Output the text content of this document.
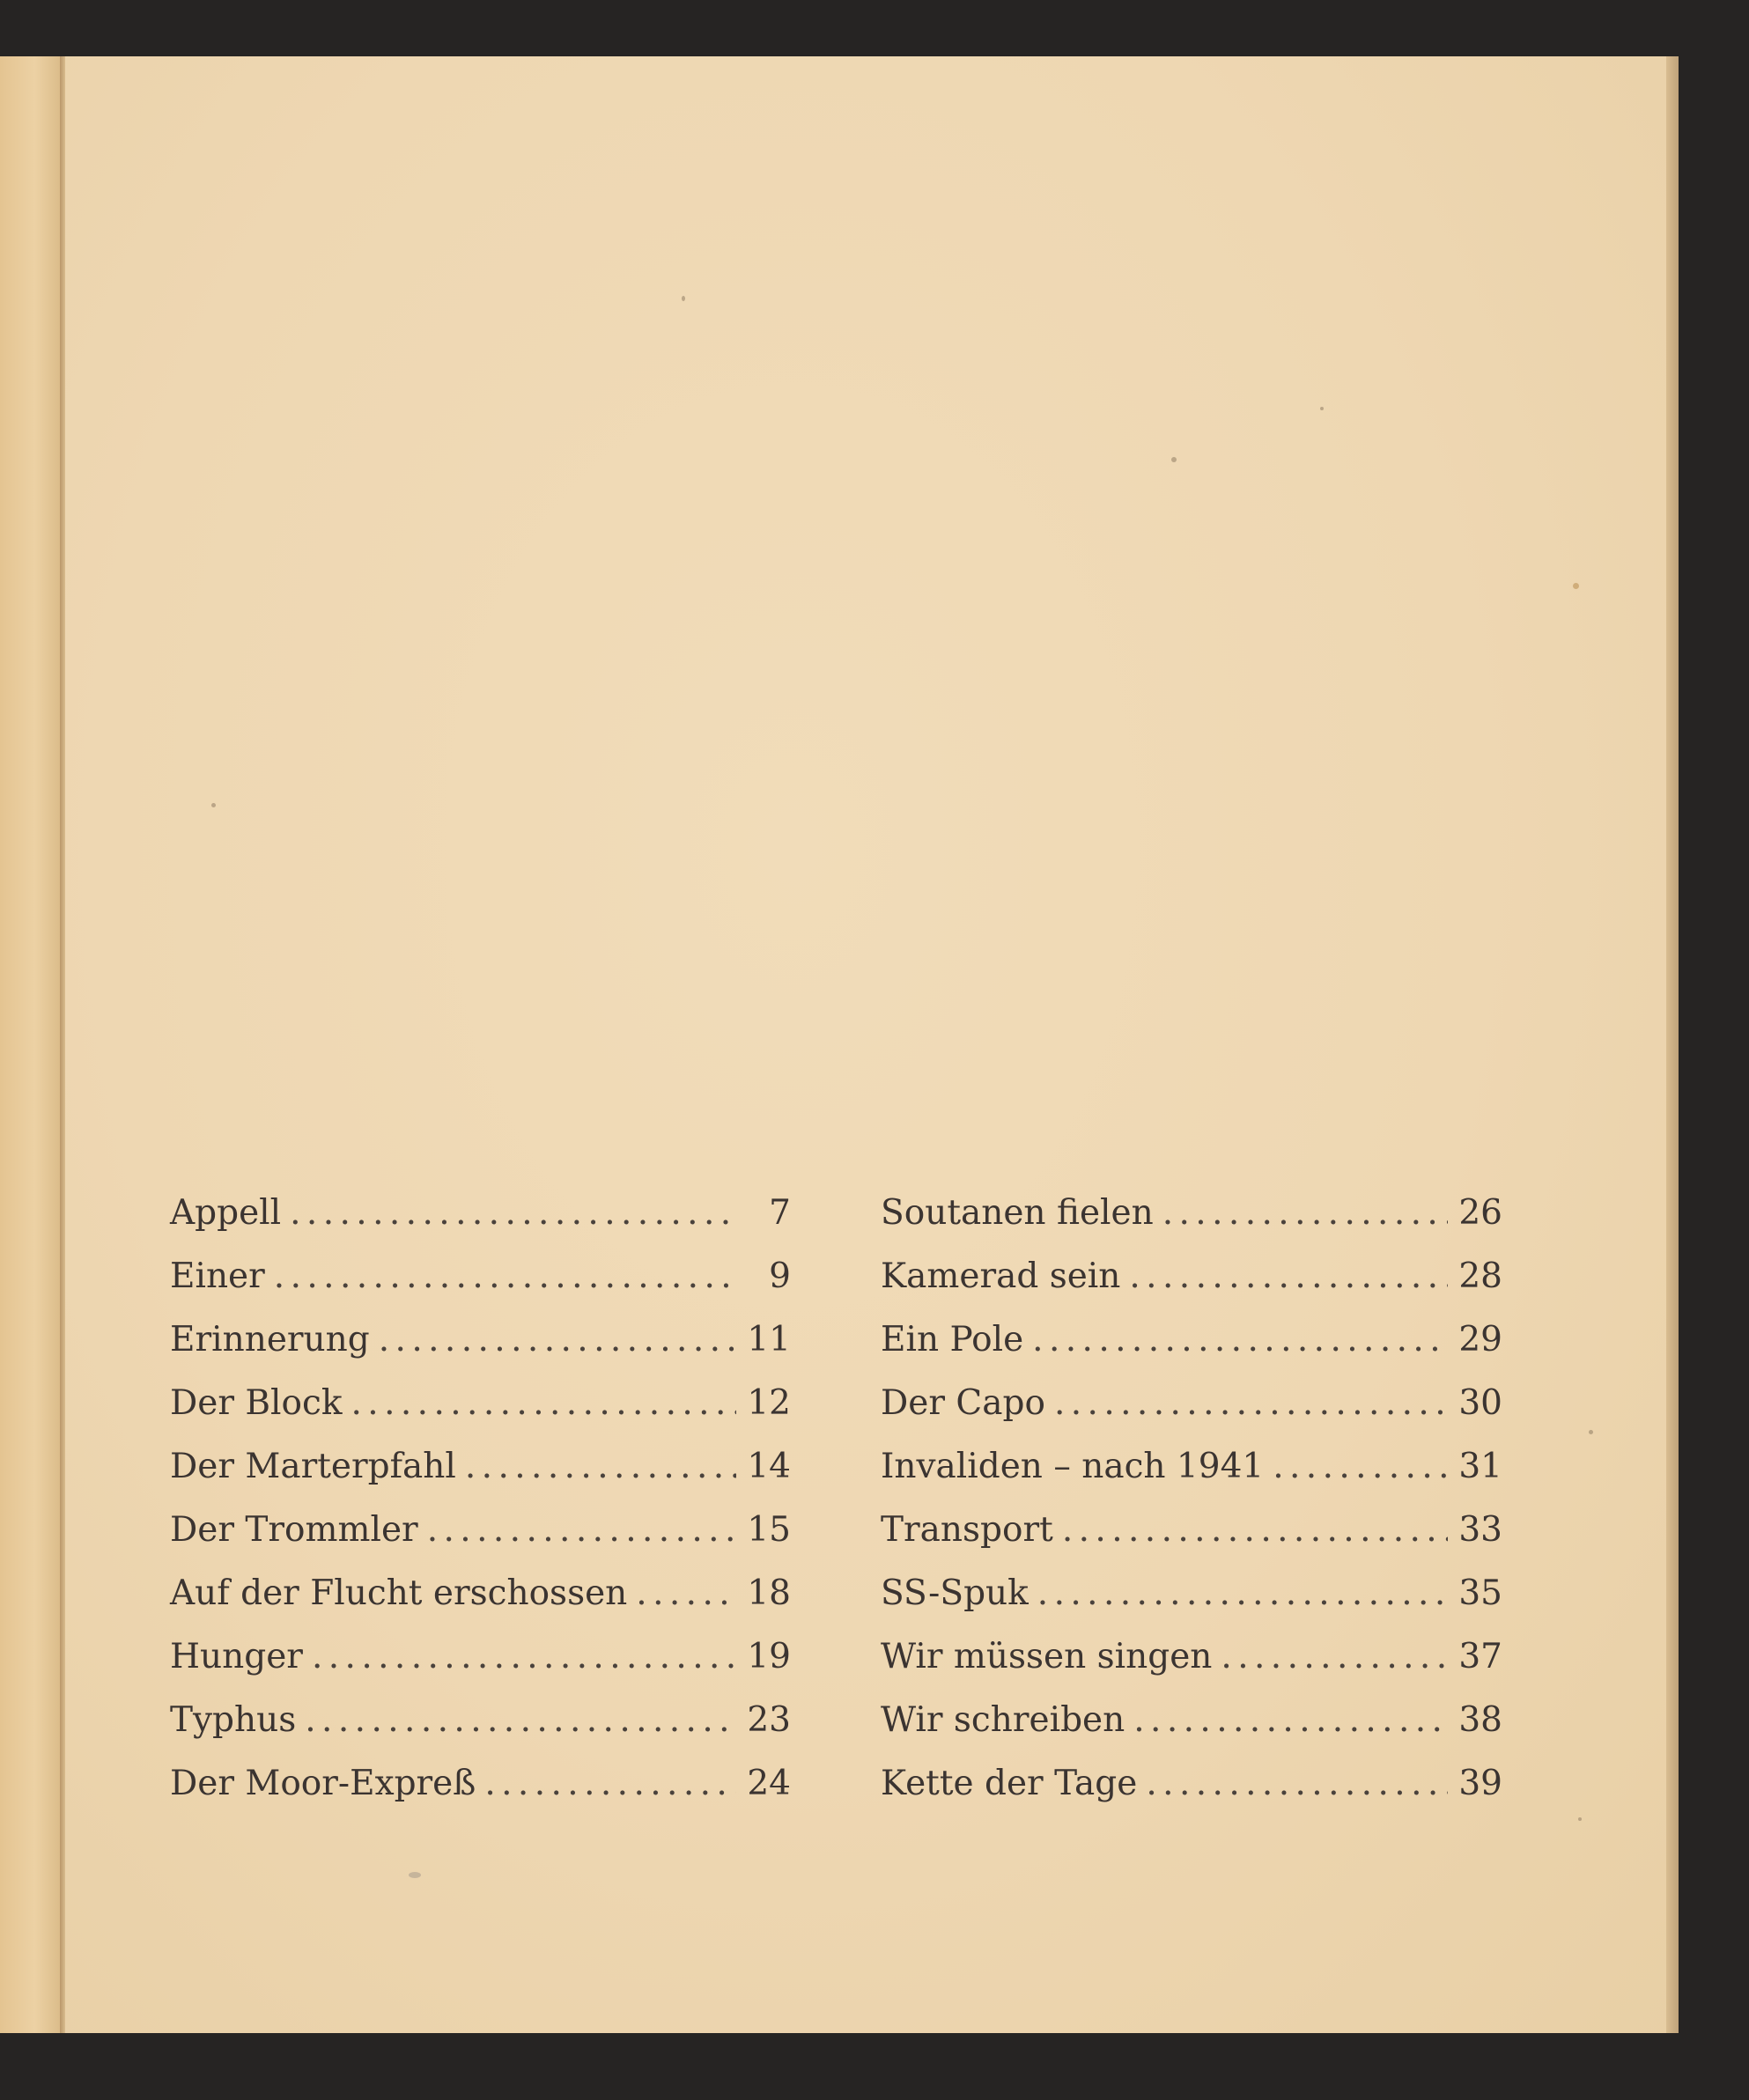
Appell . . .	7
Einer . . .	9
Erinnerung . . .	11
Der Block . . .	12
Der Marterpfahl . . .	14
Der Trommler . . .	15
Auf der Flucht erschossen . . .	18
Hunger . . .	19
Typhus . . .	23
Der Moor-Expreß . . .	24
Soutanen fielen . . .	26
Kamerad sein . . .	28
Ein Pole . . .	29
Der Capo . . .	30
Invaliden – nach 1941 . . .	31
Transport . . .	33
SS-Spuk . . .	35
Wir müssen singen . . .	37
Wir schreiben . . .	38
Kette der Tage . . .	39
